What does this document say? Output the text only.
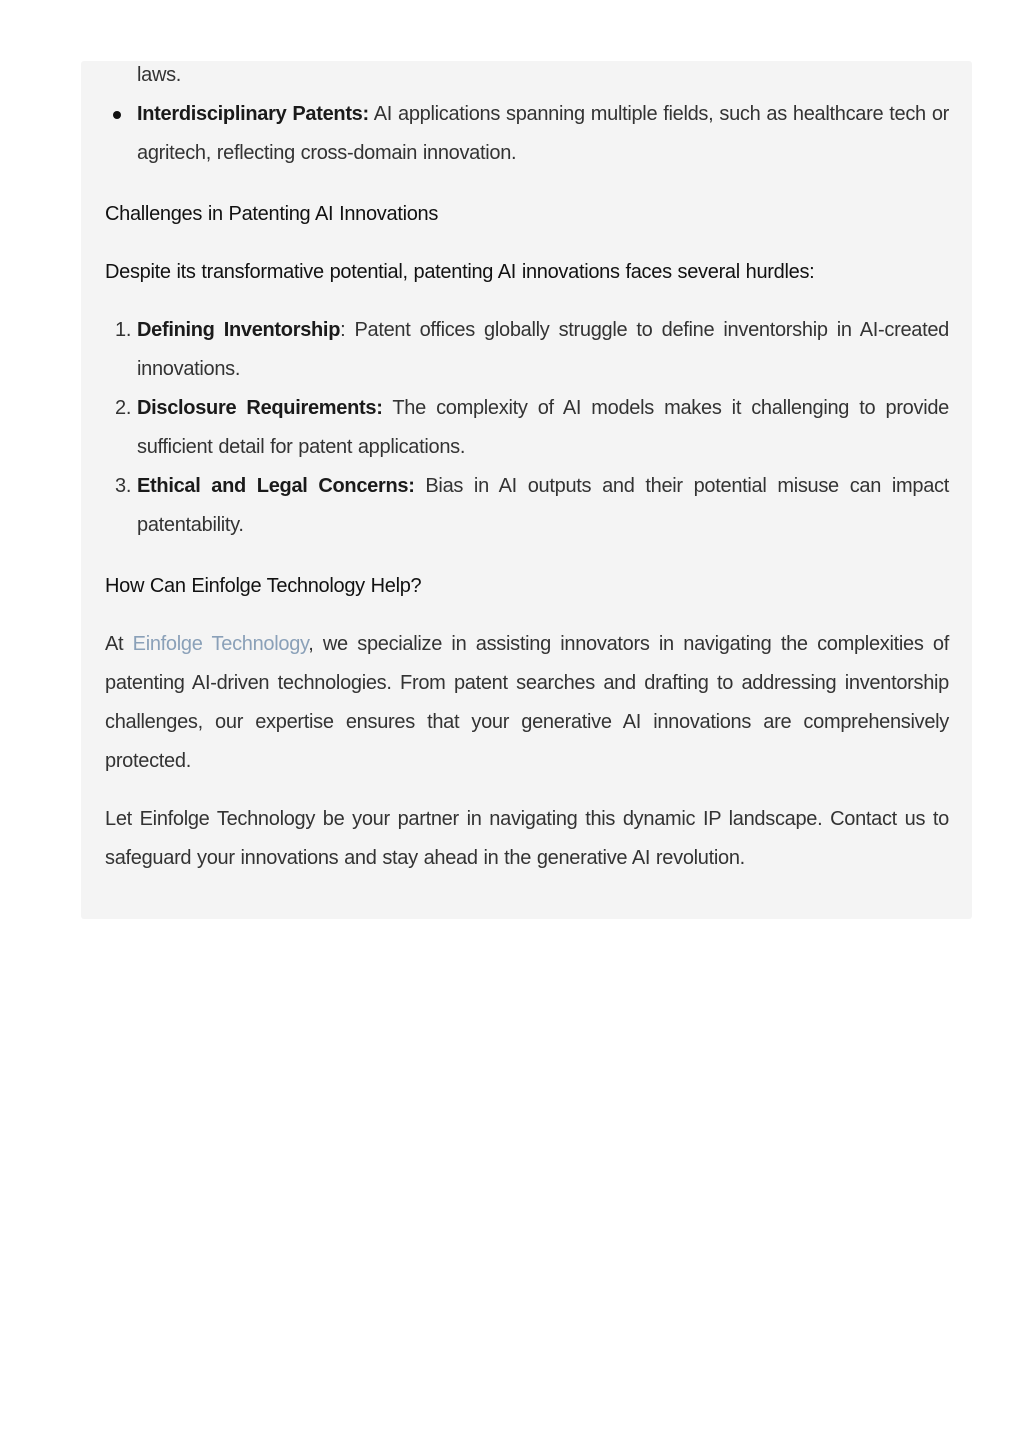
laws.
Interdisciplinary Patents: AI applications spanning multiple fields, such as healthcare tech or agritech, reflecting cross-domain innovation.

Challenges in Patenting AI Innovations

Despite its transformative potential, patenting AI innovations faces several hurdles:

1. Defining Inventorship: Patent offices globally struggle to define inventorship in AI-created innovations.
2. Disclosure Requirements: The complexity of AI models makes it challenging to provide sufficient detail for patent applications.
3. Ethical and Legal Concerns: Bias in AI outputs and their potential misuse can impact patentability.

How Can Einfolge Technology Help?

At Einfolge Technology, we specialize in assisting innovators in navigating the complexities of patenting AI-driven technologies. From patent searches and drafting to addressing inventorship challenges, our expertise ensures that your generative AI innovations are comprehensively protected.

Let Einfolge Technology be your partner in navigating this dynamic IP landscape. Contact us to safeguard your innovations and stay ahead in the generative AI revolution.
